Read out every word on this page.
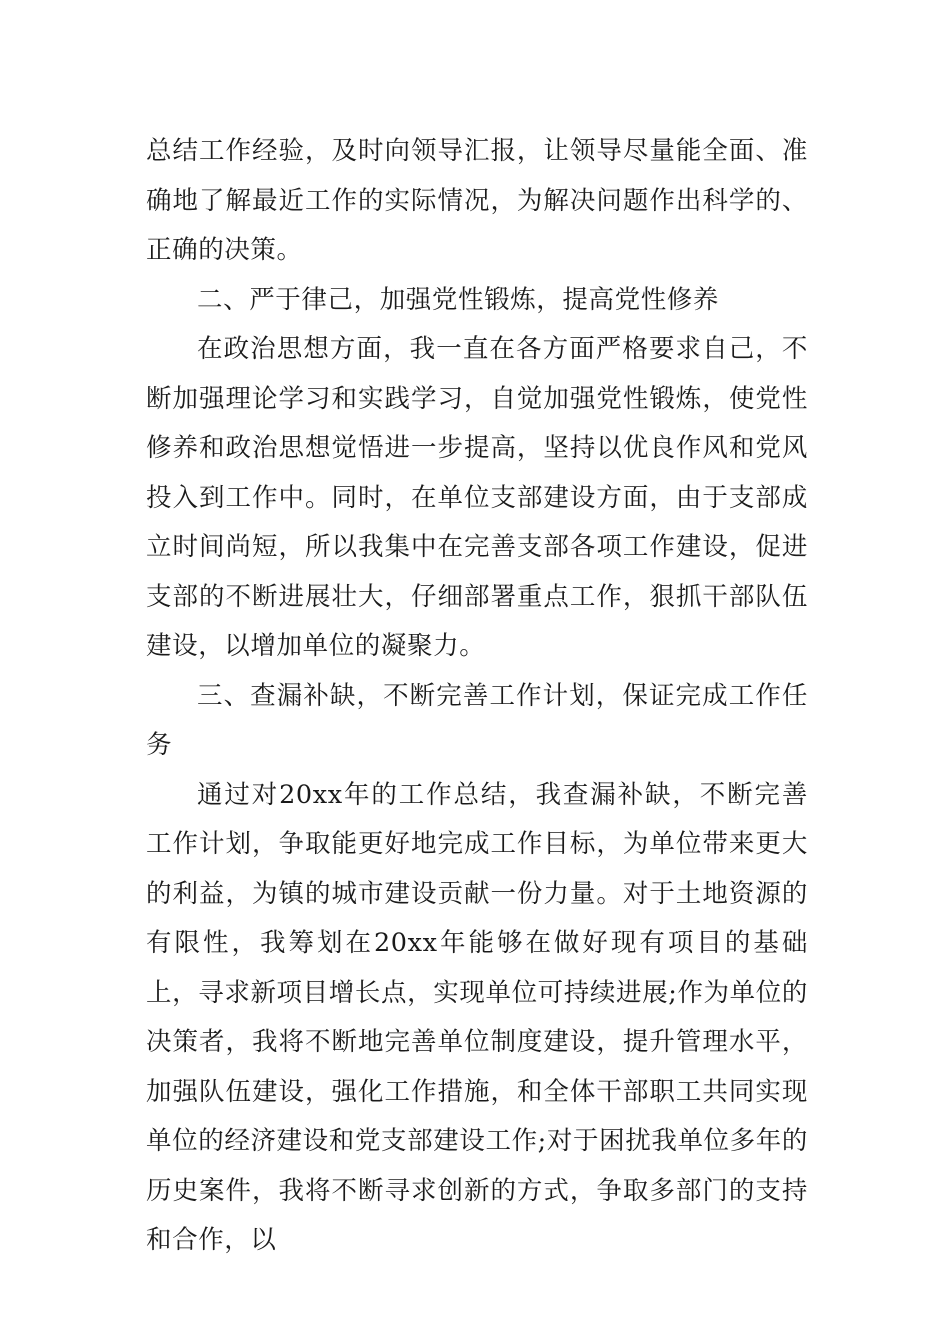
总结工作经验，及时向领导汇报，让领导尽量能全面、准确地了解最近工作的实际情况，为解决问题作出科学的、正确的决策。

二、严于律己，加强党性锻炼，提高党性修养

在政治思想方面，我一直在各方面严格要求自己，不断加强理论学习和实践学习，自觉加强党性锻炼，使党性修养和政治思想觉悟进一步提高，坚持以优良作风和党风投入到工作中。同时，在单位支部建设方面，由于支部成立时间尚短，所以我集中在完善支部各项工作建设，促进支部的不断进展壮大，仔细部署重点工作，狠抓干部队伍建设，以增加单位的凝聚力。

三、查漏补缺，不断完善工作计划，保证完成工作任务

通过对20xx年的工作总结，我查漏补缺，不断完善工作计划，争取能更好地完成工作目标，为单位带来更大的利益，为镇的城市建设贡献一份力量。对于土地资源的有限性，我筹划在20xx年能够在做好现有项目的基础上，寻求新项目增长点，实现单位可持续进展;作为单位的决策者，我将不断地完善单位制度建设，提升管理水平，加强队伍建设，强化工作措施，和全体干部职工共同实现单位的经济建设和党支部建设工作;对于困扰我单位多年的历史案件，我将不断寻求创新的方式，争取多部门的支持和合作，以
